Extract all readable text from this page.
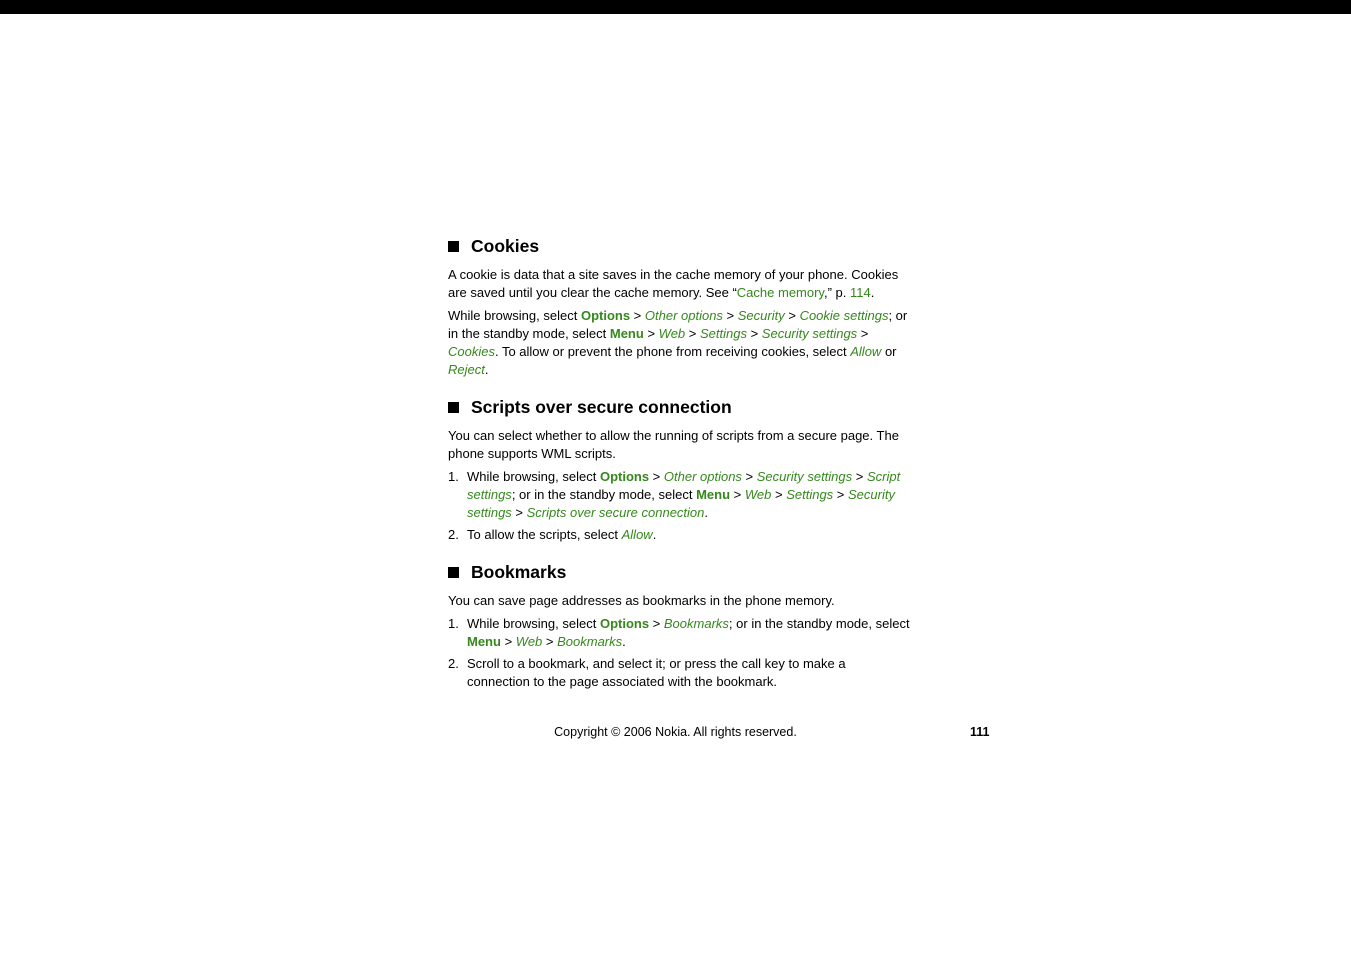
Cookies

A cookie is data that a site saves in the cache memory of your phone. Cookies are saved until you clear the cache memory. See “Cache memory,” p. 114.

While browsing, select Options > Other options > Security > Cookie settings; or in the standby mode, select Menu > Web > Settings > Security settings > Cookies. To allow or prevent the phone from receiving cookies, select Allow or Reject.

Scripts over secure connection

You can select whether to allow the running of scripts from a secure page. The phone supports WML scripts.

1. While browsing, select Options > Other options > Security settings > Script settings; or in the standby mode, select Menu > Web > Settings > Security settings > Scripts over secure connection.
2. To allow the scripts, select Allow.
Bookmarks

You can save page addresses as bookmarks in the phone memory.

1. While browsing, select Options > Bookmarks; or in the standby mode, select Menu > Web > Bookmarks.
2. Scroll to a bookmark, and select it; or press the call key to make a connection to the page associated with the bookmark.
Copyright © 2006 Nokia. All rights reserved.	111
